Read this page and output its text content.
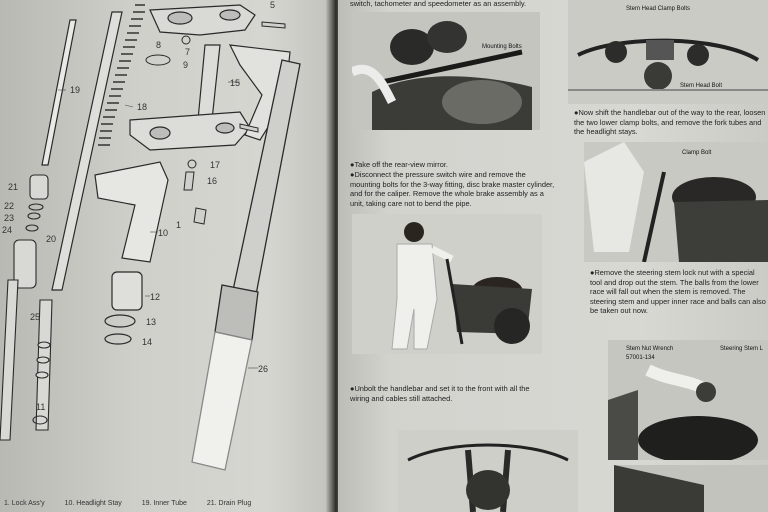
5
8
7
9
19
18
15
10
17
16
1
21
22
23
24
20
12
13
14
26
11
25
1. Lock Ass'y	10. Headlight Stay	19. Inner Tube	21. Drain Plug
switch, tachometer and speedometer as an assembly.
Mounting Bolts
Stem Head Clamp Bolts
Stem Head Bolt
●Now shift the handlebar out of the way to the rear, loosen the two lower clamp bolts, and remove the fork tubes and the headlight stays.
●Take off the rear-view mirror.
●Disconnect the pressure switch wire and remove the mounting bolts for the 3-way fitting, disc brake master cylinder, and for the caliper. Remove the whole brake assembly as a unit, taking care not to bend the pipe.
Clamp Bolt
●Remove the steering stem lock nut with a special tool and drop out the stem. The balls from the lower race will fall out when the stem is removed. The steering stem and upper inner race and balls can also be taken out now.
Stem Nut Wrench
57001-134
Steering Stem L
●Unbolt the handlebar and set it to the front with all the wiring and cables still attached.
